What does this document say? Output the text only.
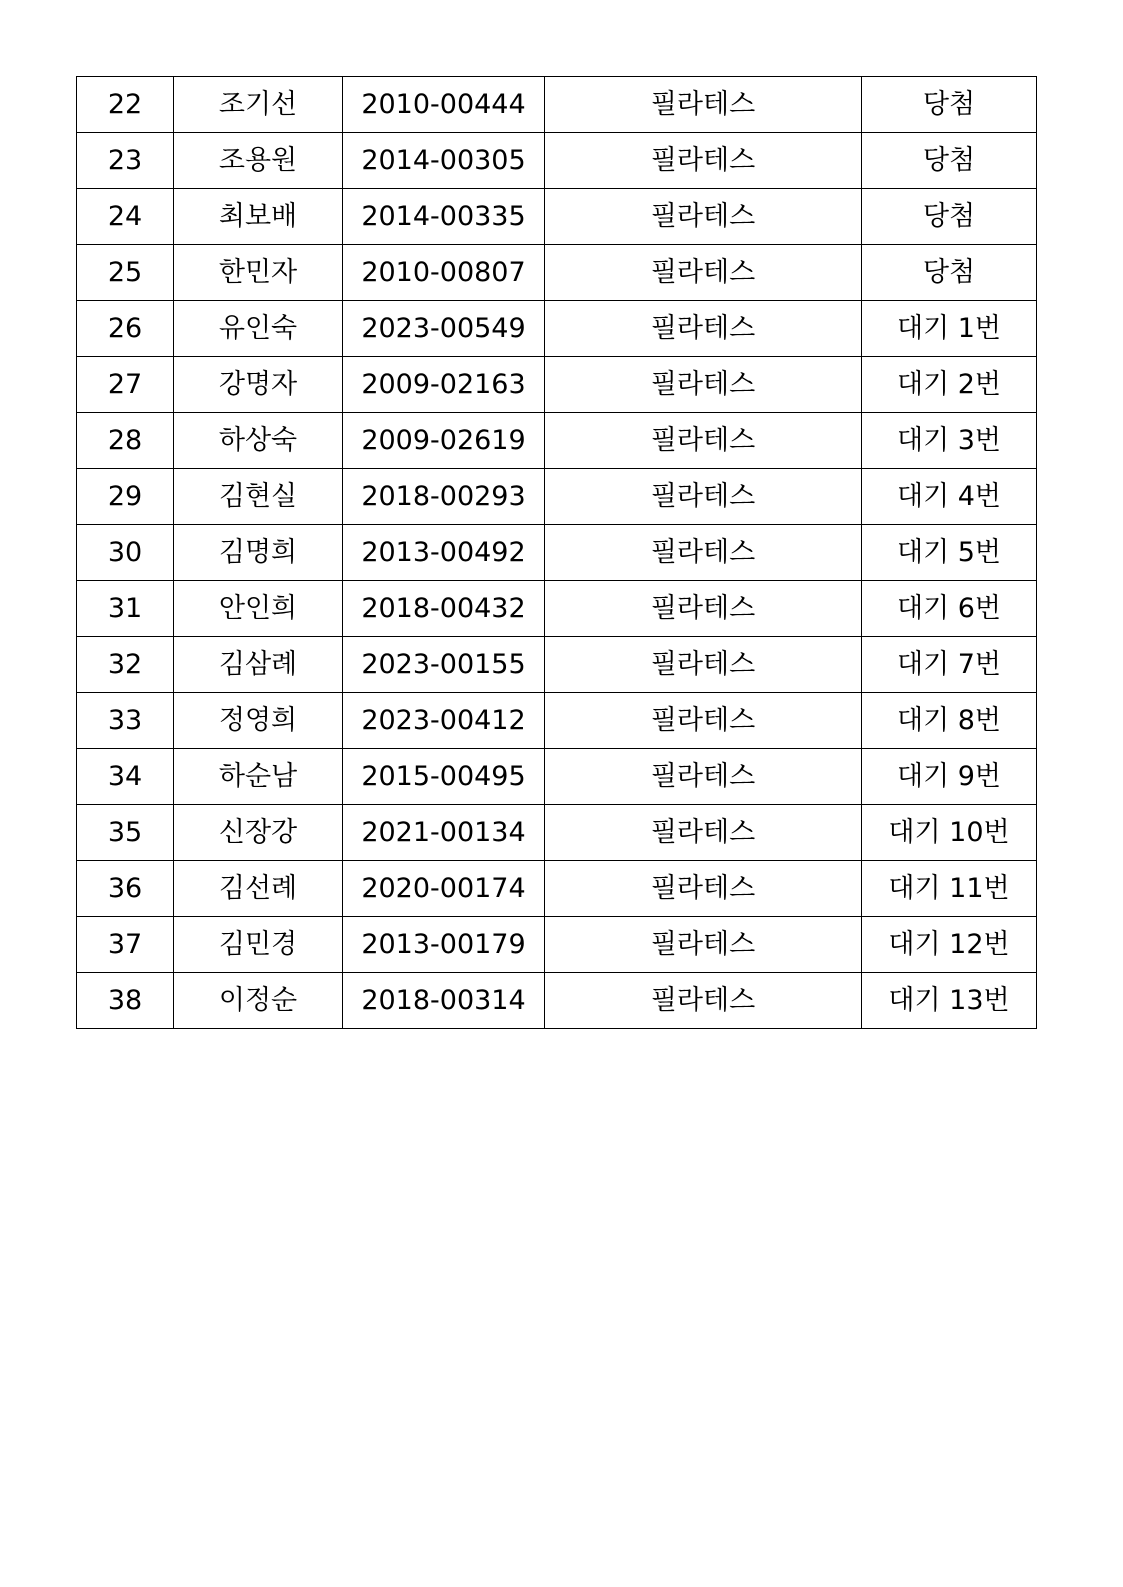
22	조기선	2010-00444	필라테스	당첨
23	조용원	2014-00305	필라테스	당첨
24	최보배	2014-00335	필라테스	당첨
25	한민자	2010-00807	필라테스	당첨
26	유인숙	2023-00549	필라테스	대기 1번
27	강명자	2009-02163	필라테스	대기 2번
28	하상숙	2009-02619	필라테스	대기 3번
29	김현실	2018-00293	필라테스	대기 4번
30	김명희	2013-00492	필라테스	대기 5번
31	안인희	2018-00432	필라테스	대기 6번
32	김삼례	2023-00155	필라테스	대기 7번
33	정영희	2023-00412	필라테스	대기 8번
34	하순남	2015-00495	필라테스	대기 9번
35	신장강	2021-00134	필라테스	대기 10번
36	김선례	2020-00174	필라테스	대기 11번
37	김민경	2013-00179	필라테스	대기 12번
38	이정순	2018-00314	필라테스	대기 13번
